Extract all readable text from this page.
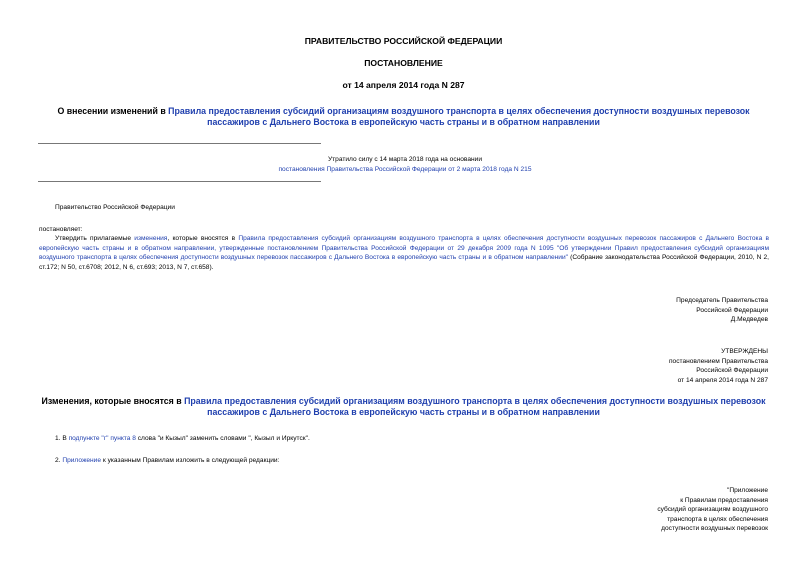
ПРАВИТЕЛЬСТВО РОССИЙСКОЙ ФЕДЕРАЦИИ
ПОСТАНОВЛЕНИЕ
от 14 апреля 2014 года N 287
О внесении изменений в Правила предоставления субсидий организациям воздушного транспорта в целях обеспечения доступности воздушных перевозок пассажиров с Дальнего Востока в европейскую часть страны и в обратном направлении

Утратило силу с 14 марта 2018 года на основании

постановления Правительства Российской Федерации от 2 марта 2018 года N 215

Правительство Российской Федерации
постановляет:
Утвердить прилагаемые изменения, которые вносятся в Правила предоставления субсидий организациям воздушного транспорта в целях обеспечения доступности воздушных перевозок пассажиров с Дальнего Востока в европейскую часть страны и в обратном направлении, утвержденные постановлением Правительства Российской Федерации от 29 декабря 2009 года N 1095 "Об утверждении Правил предоставления субсидий организациям воздушного транспорта в целях обеспечения доступности воздушных перевозок пассажиров с Дальнего Востока в европейскую часть страны и в обратном направлении" (Собрание законодательства Российской Федерации, 2010, N 2, ст.172; N 50, ст.6708; 2012, N 6, ст.693; 2013, N 7, ст.658).

Председатель Правительства

Российской Федерации

Д.Медведев

УТВЕРЖДЕНЫ

постановлением Правительства

Российской Федерации

от 14 апреля 2014 года N 287

Изменения, которые вносятся в Правила предоставления субсидий организациям воздушного транспорта в целях обеспечения доступности воздушных перевозок пассажиров с Дальнего Востока в европейскую часть страны и в обратном направлении
1. В подпункте "г" пункта 8 слова "и Кызыл" заменить словами ", Кызыл и Иркутск".
2. Приложение к указанным Правилам изложить в следующей редакции:

"Приложение

к Правилам предоставления

субсидий организациям воздушного

транспорта в целях обеспечения

доступности воздушных перевозок
